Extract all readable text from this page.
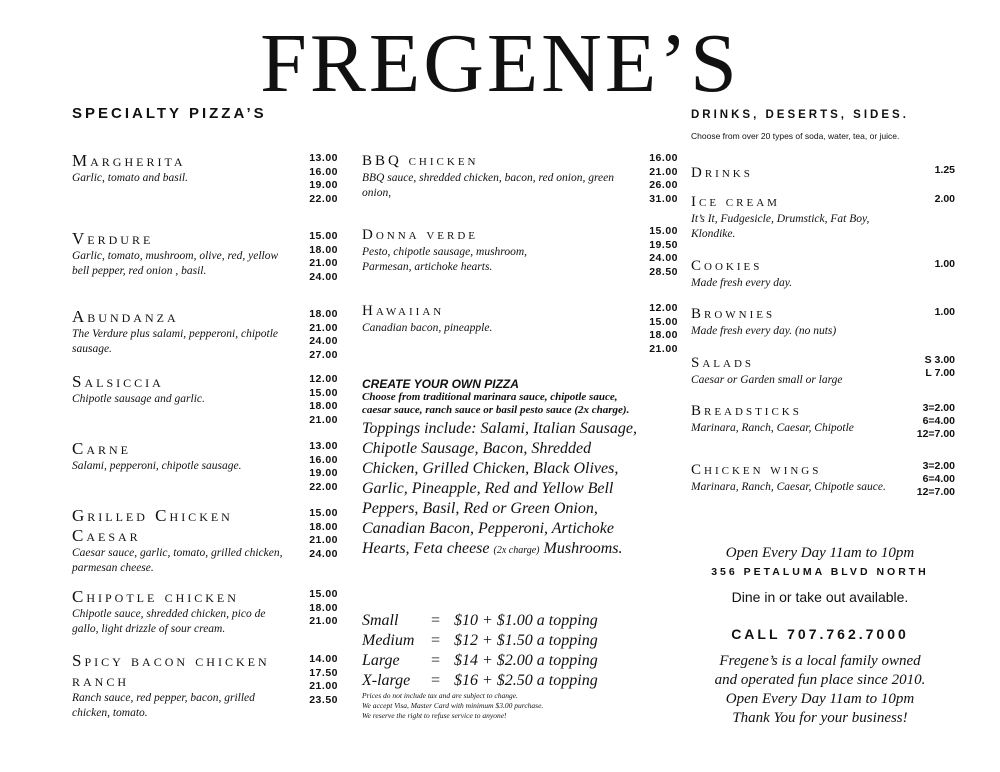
FREGENE’S
SPECIALTY PIZZA’S
Margherita
Garlic, tomato and basil.
13.00
16.00
19.00
22.00
Verdure
Garlic, tomato, mushroom, olive, red, yellow bell pepper, red onion , basil.
15.00
18.00
21.00
24.00
Abundanza
The Verdure plus salami, pepperoni, chipotle sausage.
18.00
21.00
24.00
27.00
Salsiccia
Chipotle sausage and garlic.
12.00
15.00
18.00
21.00
Carne
Salami, pepperoni, chipotle sausage.
13.00
16.00
19.00
22.00
Grilled Chicken Caesar
Caesar sauce, garlic, tomato, grilled chicken, parmesan cheese.
15.00
18.00
21.00
24.00
Chipotle chicken
Chipotle sauce, shredded chicken, pico de gallo, light drizzle of sour cream.
15.00
18.00
21.00
Spicy bacon chicken ranch
Ranch sauce, red pepper, bacon, grilled chicken, tomato.
14.00
17.50
21.00
23.50
BBQ chicken
BBQ sauce, shredded chicken, bacon, red onion, green onion,
16.00
21.00
26.00
31.00
Donna verde
Pesto, chipotle sausage, mushroom, Parmesan, artichoke hearts.
15.00
19.50
24.00
28.50
Hawaiian
Canadian bacon, pineapple.
12.00
15.00
18.00
21.00
CREATE YOUR OWN PIZZA
Choose from traditional marinara sauce, chipotle sauce, caesar sauce, ranch sauce or basil pesto sauce (2x charge).
Toppings include: Salami, Italian Sausage, Chipotle Sausage, Bacon, Shredded Chicken, Grilled Chicken, Black Olives, Garlic, Pineapple, Red and Yellow Bell Peppers, Basil, Red or Green Onion, Canadian Bacon, Pepperoni, Artichoke Hearts, Feta cheese (2x charge) Mushrooms.
Small = $10 + $1.00 a topping
Medium = $12 + $1.50 a topping
Large = $14 + $2.00 a topping
X-large = $16 + $2.50 a topping
Prices do not include tax and are subject to change.
We accept Visa, Master Card with minimum $3.00 purchase.
We reserve the right to refuse service to anyone!
DRINKS, DESERTS, SIDES.
Choose from over 20 types of soda, water, tea, or juice.
Drinks	1.25
Ice cream
It’s It, Fudgesicle, Drumstick, Fat Boy, Klondike.
2.00
Cookies
Made fresh every day.
1.00
Brownies
Made fresh every day. (no nuts)
1.00
Salads
Caesar or Garden small or large
S 3.00
L 7.00
Breadsticks
Marinara, Ranch, Caesar, Chipotle
3=2.00
6=4.00
12=7.00
Chicken wings
Marinara, Ranch, Caesar, Chipotle sauce.
3=2.00
6=4.00
12=7.00
Open Every Day 11am to 10pm
356 PETALUMA BLVD NORTH
Dine in or take out available.
CALL 707.762.7000
Fregene’s is a local family owned
and operated fun place since 2010.
Open Every Day 11am to 10pm
Thank You for your business!
